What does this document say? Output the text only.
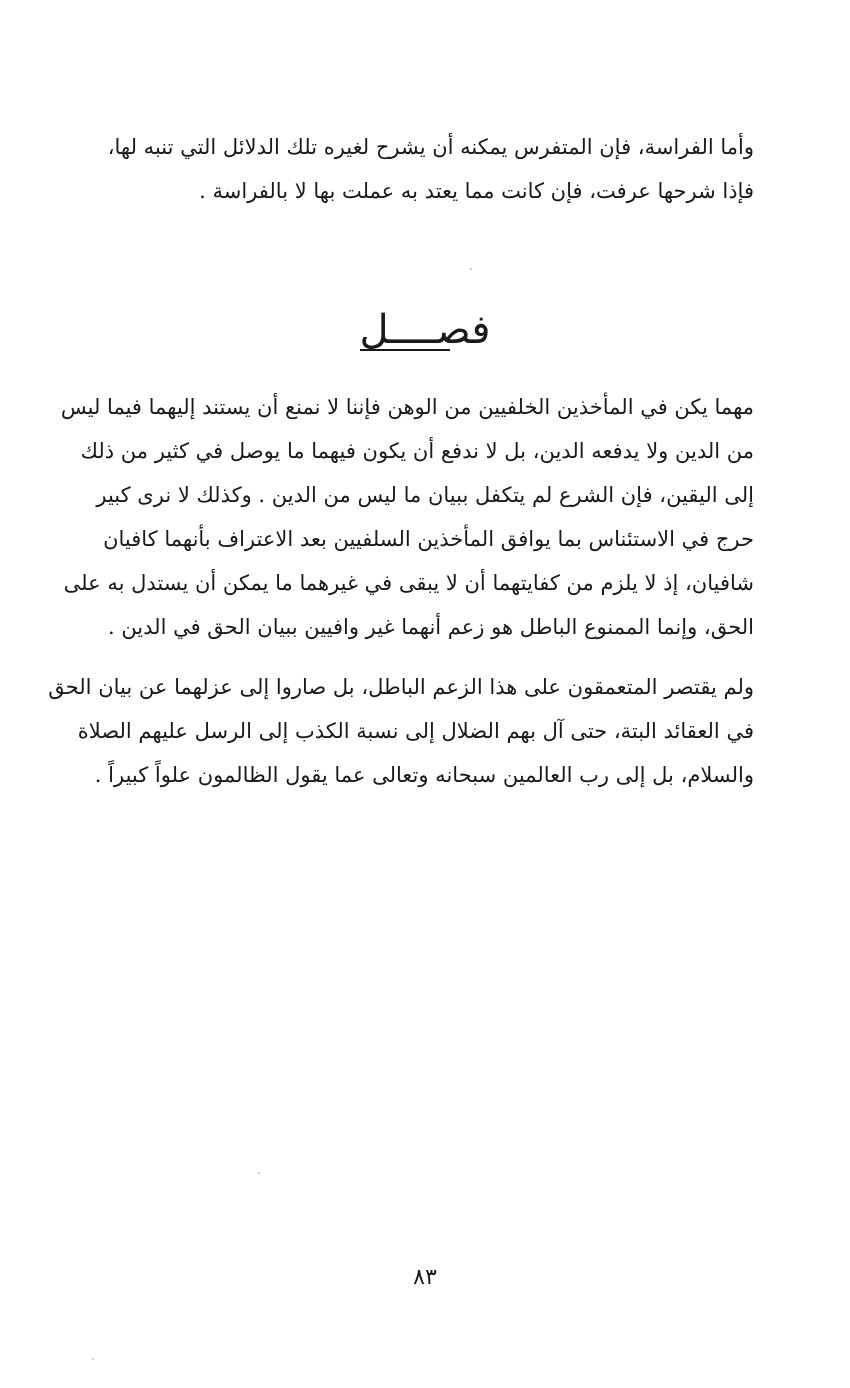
وأما الفراسة، فإن المتفرس يمكنه أن يشرح لغيره تلك الدلائل التي تنبه لها،
فإذا شرحها عرفت، فإن كانت مما يعتد به عملت بها لا بالفراسة .

فصــــل

مهما يكن في المأخذين الخلفيين من الوهن فإننا لا نمنع أن يستند إليهما فيما ليس
من الدين ولا يدفعه الدين، بل لا ندفع أن يكون فيهما ما يوصل في كثير من ذلك
إلى اليقين، فإن الشرع لم يتكفل ببيان ما ليس من الدين . وكذلك لا نرى كبير
حرج في الاستئناس بما يوافق المأخذين السلفيين بعد الاعتراف بأنهما كافيان
شافيان، إذ لا يلزم من كفايتهما أن لا يبقى في غيرهما ما يمكن أن يستدل به على
الحق، وإنما الممنوع الباطل هو زعم أنهما غير وافيين ببيان الحق في الدين .

ولم يقتصر المتعمقون على هذا الزعم الباطل، بل صاروا إلى عزلهما عن بيان الحق
في العقائد البتة، حتى آل بهم الضلال إلى نسبة الكذب إلى الرسل عليهم الصلاة
والسلام، بل إلى رب العالمين سبحانه وتعالى عما يقول الظالمون علواً كبيراً .

٨٣
